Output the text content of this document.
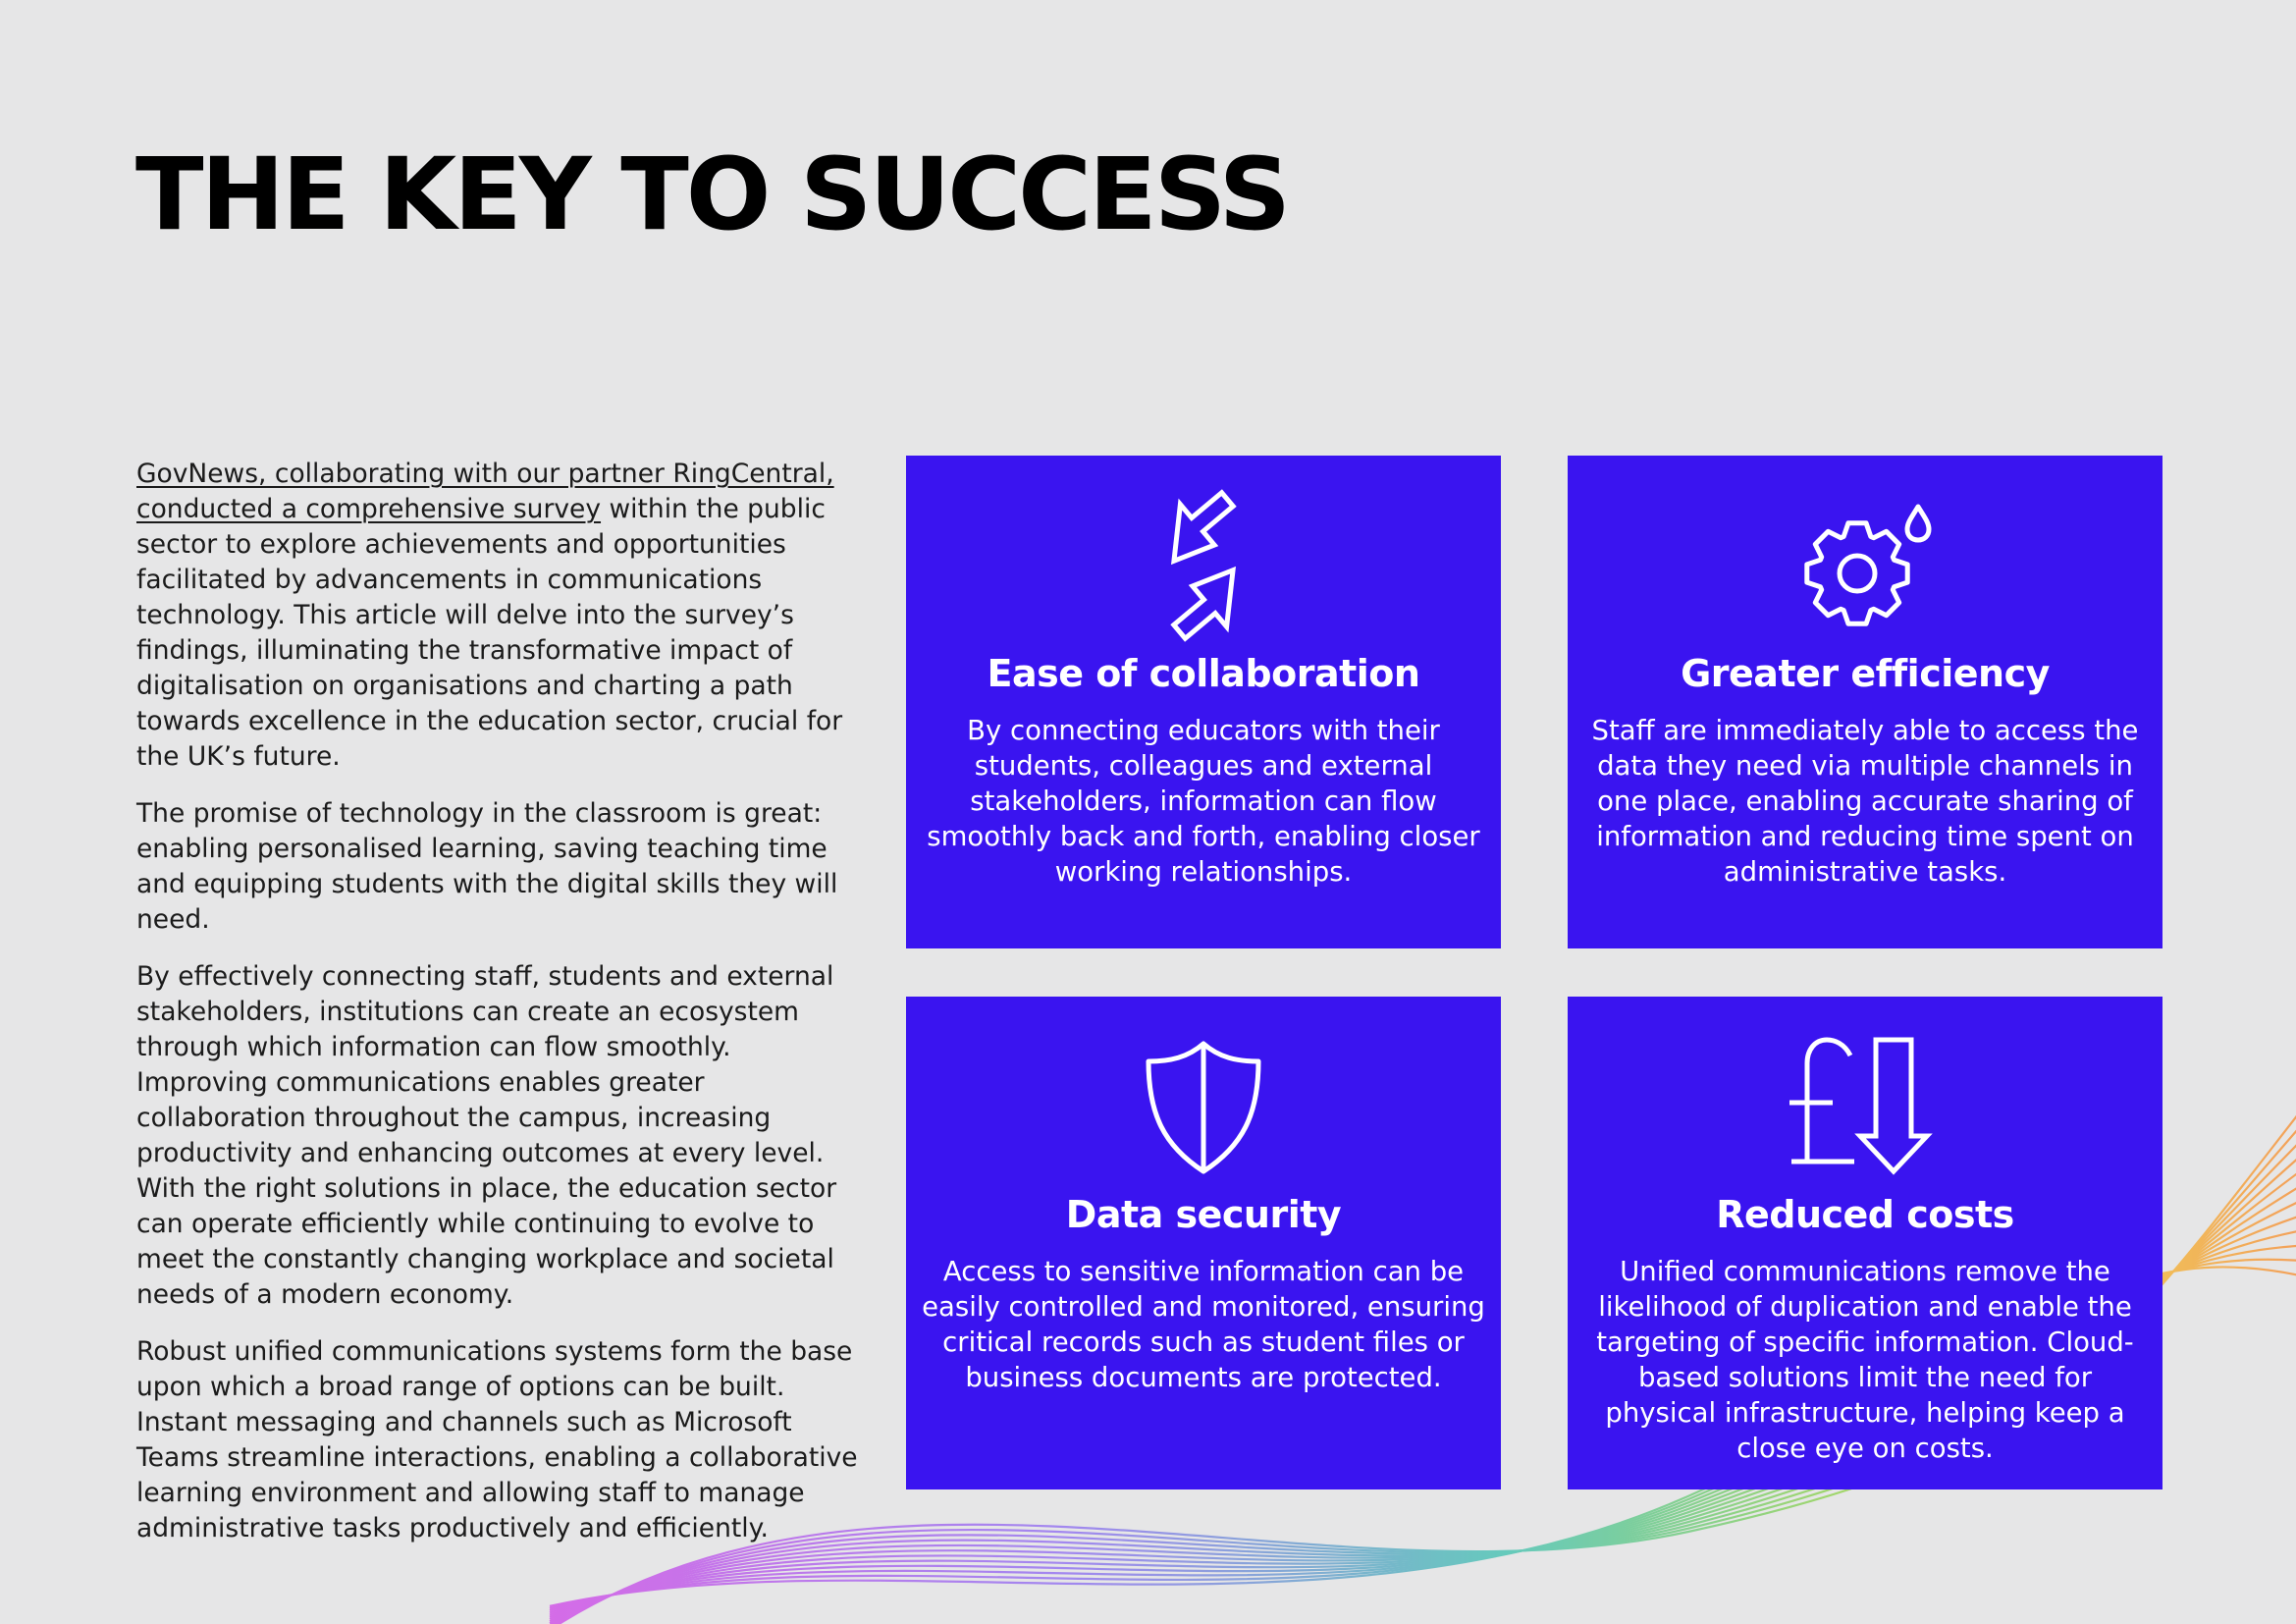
THE KEY TO SUCCESS

GovNews, collaborating with our partner RingCentral, conducted a comprehensive survey within the public sector to explore achievements and opportunities facilitated by advancements in communications technology. This article will delve into the survey’s findings, illuminating the transformative impact of digitalisation on organisations and charting a path towards excellence in the education sector, crucial for the UK’s future.

The promise of technology in the classroom is great: enabling personalised learning, saving teaching time and equipping students with the digital skills they will need.

By effectively connecting staff, students and external stakeholders, institutions can create an ecosystem through which information can flow smoothly. Improving communications enables greater collaboration throughout the campus, increasing productivity and enhancing outcomes at every level. With the right solutions in place, the education sector can operate efficiently while continuing to evolve to meet the constantly changing workplace and societal needs of a modern economy.

Robust unified communications systems form the base upon which a broad range of options can be built. Instant messaging and channels such as Microsoft Teams streamline interactions, enabling a collaborative learning environment and allowing staff to manage administrative tasks productively and efficiently.

Ease of collaboration
By connecting educators with their students, colleagues and external stakeholders, information can flow smoothly back and forth, enabling closer working relationships.
Greater efficiency
Staff are immediately able to access the data they need via multiple channels in one place, enabling accurate sharing of information and reducing time spent on administrative tasks.
Data security
Access to sensitive information can be easily controlled and monitored, ensuring critical records such as student files or business documents are protected.
Reduced costs
Unified communications remove the likelihood of duplication and enable the targeting of specific information. Cloud-based solutions limit the need for physical infrastructure, helping keep a close eye on costs.
